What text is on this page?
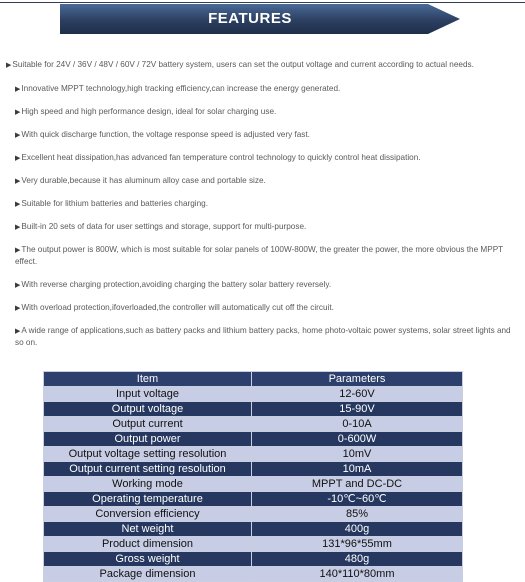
FEATURES

▶Suitable for 24V / 36V / 48V / 60V / 72V battery system, users can set the output voltage and current according to actual needs.

▶Innovative MPPT technology,high tracking efficiency,can increase the energy generated.

▶High speed and high performance design, ideal for solar charging use.

▶With quick discharge function, the voltage response speed is adjusted very fast.

▶Excellent heat dissipation,has advanced fan temperature control technology to quickly control heat dissipation.

▶Very durable,because it has aluminum alloy case and portable size.

▶Suitable for lithium batteries and batteries charging.

▶Built-in 20 sets of data for user settings and storage, support for multi-purpose.

▶The output power is 800W, which is most suitable for solar panels of 100W-800W, the greater the power, the more obvious the MPPT effect.

▶With reverse charging protection,avoiding charging the battery solar battery reversely.

▶With overload protection,ifoverloaded,the controller will automatically cut off the circuit.

▶A wide range of applications,such as battery packs and lithium battery packs, home photo-voltaic power systems, solar street lights and so on.

Item	Parameters
Input voltage	12-60V
Output voltage	15-90V
Output current	0-10A
Output power	0-600W
Output voltage setting resolution	10mV
Output current setting resolution	10mA
Working mode	MPPT and DC-DC
Operating temperature	-10℃~60℃
Conversion efficiency	85%
Net weight	400g
Product dimension	131*96*55mm
Gross weight	480g
Package dimension	140*110*80mm
